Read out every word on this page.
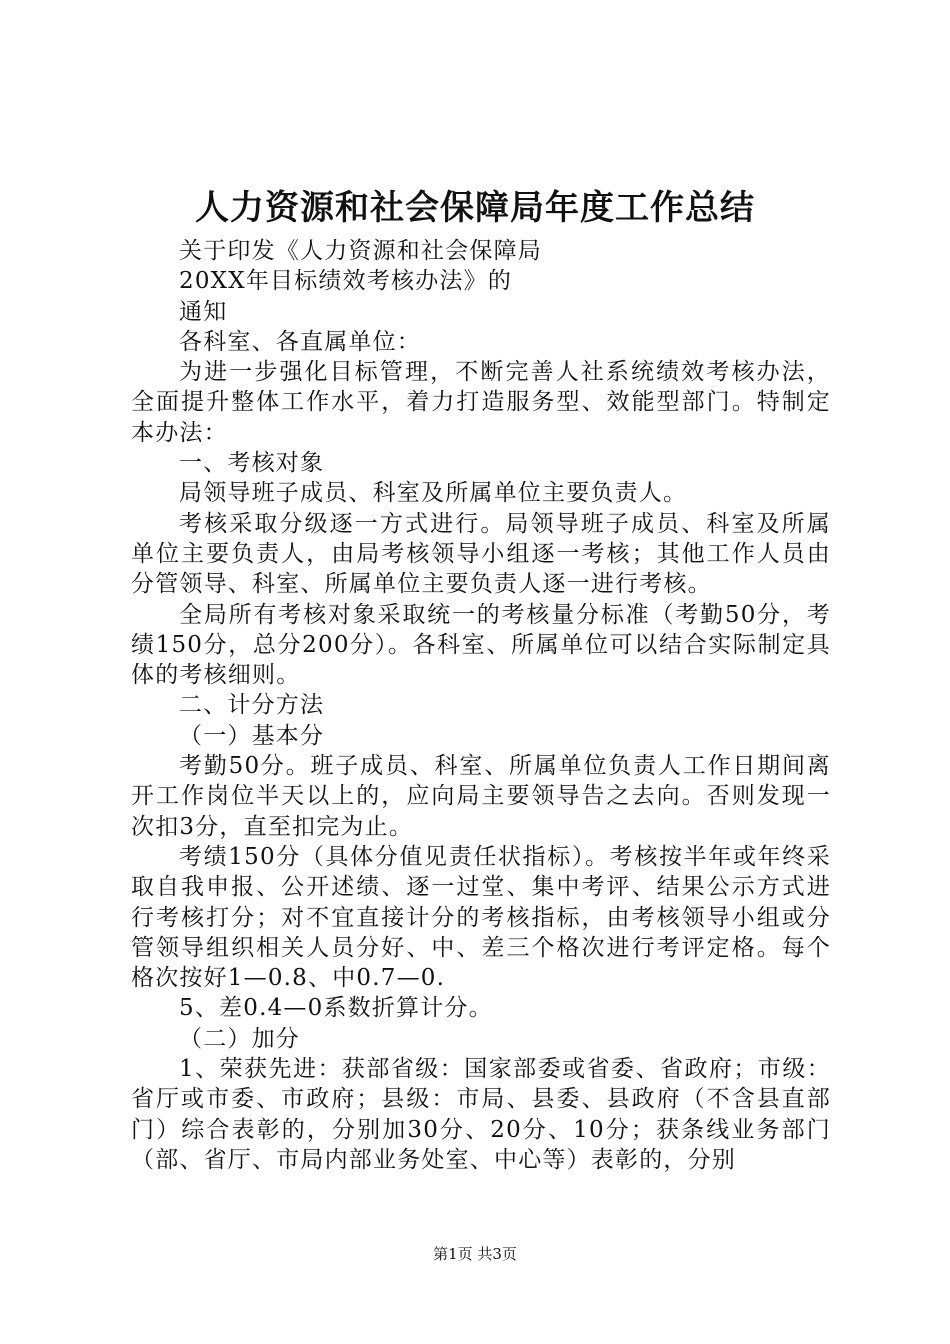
人力资源和社会保障局年度工作总结

关于印发《人力资源和社会保障局

20XX年目标绩效考核办法》的

通知

各科室、各直属单位：

为进一步强化目标管理，不断完善人社系统绩效考核办法，全面提升整体工作水平，着力打造服务型、效能型部门。特制定本办法：

一、考核对象

局领导班子成员、科室及所属单位主要负责人。

考核采取分级逐一方式进行。局领导班子成员、科室及所属单位主要负责人，由局考核领导小组逐一考核；其他工作人员由分管领导、科室、所属单位主要负责人逐一进行考核。

全局所有考核对象采取统一的考核量分标准（考勤50分，考绩150分，总分200分）。各科室、所属单位可以结合实际制定具体的考核细则。

二、计分方法

（一）基本分

考勤50分。班子成员、科室、所属单位负责人工作日期间离开工作岗位半天以上的，应向局主要领导告之去向。否则发现一次扣3分，直至扣完为止。

考绩150分（具体分值见责任状指标）。考核按半年或年终采取自我申报、公开述绩、逐一过堂、集中考评、结果公示方式进行考核打分；对不宜直接计分的考核指标，由考核领导小组或分管领导组织相关人员分好、中、差三个格次进行考评定格。每个格次按好1—0.8、中0.7—0.

5、差0.4—0系数折算计分。

（二）加分

1、荣获先进：获部省级：国家部委或省委、省政府；市级：省厅或市委、市政府；县级：市局、县委、县政府（不含县直部门）综合表彰的，分别加30分、20分、10分；获条线业务部门（部、省厅、市局内部业务处室、中心等）表彰的，分别

第1页 共3页
